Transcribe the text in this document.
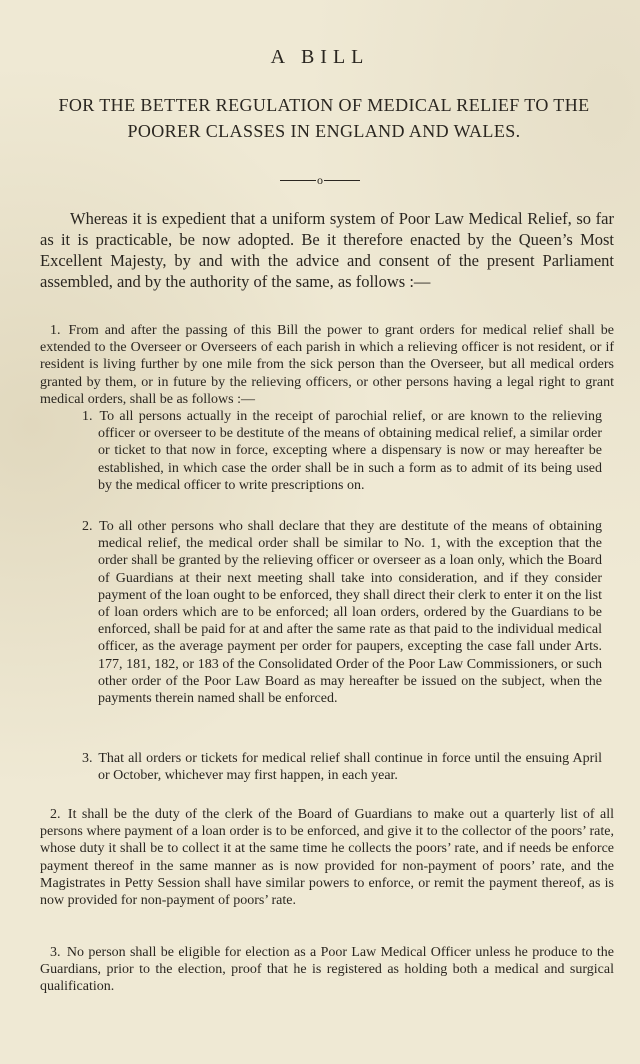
A BILL
FOR THE BETTER REGULATION OF MEDICAL RELIEF TO THE POORER CLASSES IN ENGLAND AND WALES.
o

Whereas it is expedient that a uniform system of Poor Law Medical Relief, so far as it is practicable, be now adopted. Be it therefore enacted by the Queen’s Most Excellent Majesty, by and with the advice and consent of the present Parliament assembled, and by the authority of the same, as follows :—

1. From and after the passing of this Bill the power to grant orders for medical relief shall be extended to the Overseer or Overseers of each parish in which a relieving officer is not resident, or if resident is living further by one mile from the sick person than the Overseer, but all medical orders granted by them, or in future by the relieving officers, or other persons having a legal right to grant medical orders, shall be as follows :—

1. To all persons actually in the receipt of parochial relief, or are known to the relieving officer or overseer to be destitute of the means of obtaining medical relief, a similar order or ticket to that now in force, excepting where a dispensary is now or may hereafter be established, in which case the order shall be in such a form as to admit of its being used by the medical officer to write prescriptions on.

2. To all other persons who shall declare that they are destitute of the means of obtaining medical relief, the medical order shall be similar to No. 1, with the exception that the order shall be granted by the relieving officer or overseer as a loan only, which the Board of Guardians at their next meeting shall take into consideration, and if they consider payment of the loan ought to be enforced, they shall direct their clerk to enter it on the list of loan orders which are to be enforced; all loan orders, ordered by the Guardians to be enforced, shall be paid for at and after the same rate as that paid to the individual medical officer, as the average payment per order for paupers, excepting the case fall under Arts. 177, 181, 182, or 183 of the Consolidated Order of the Poor Law Commissioners, or such other order of the Poor Law Board as may hereafter be issued on the subject, when the payments therein named shall be enforced.

3. That all orders or tickets for medical relief shall continue in force until the ensuing April or October, whichever may first happen, in each year.

2. It shall be the duty of the clerk of the Board of Guardians to make out a quarterly list of all persons where payment of a loan order is to be enforced, and give it to the collector of the poors’ rate, whose duty it shall be to collect it at the same time he collects the poors’ rate, and if needs be enforce payment thereof in the same manner as is now provided for non-payment of poors’ rate, and the Magistrates in Petty Session shall have similar powers to enforce, or remit the payment thereof, as is now provided for non-payment of poors’ rate.

3. No person shall be eligible for election as a Poor Law Medical Officer unless he produce to the Guardians, prior to the election, proof that he is registered as holding both a medical and surgical qualification.
